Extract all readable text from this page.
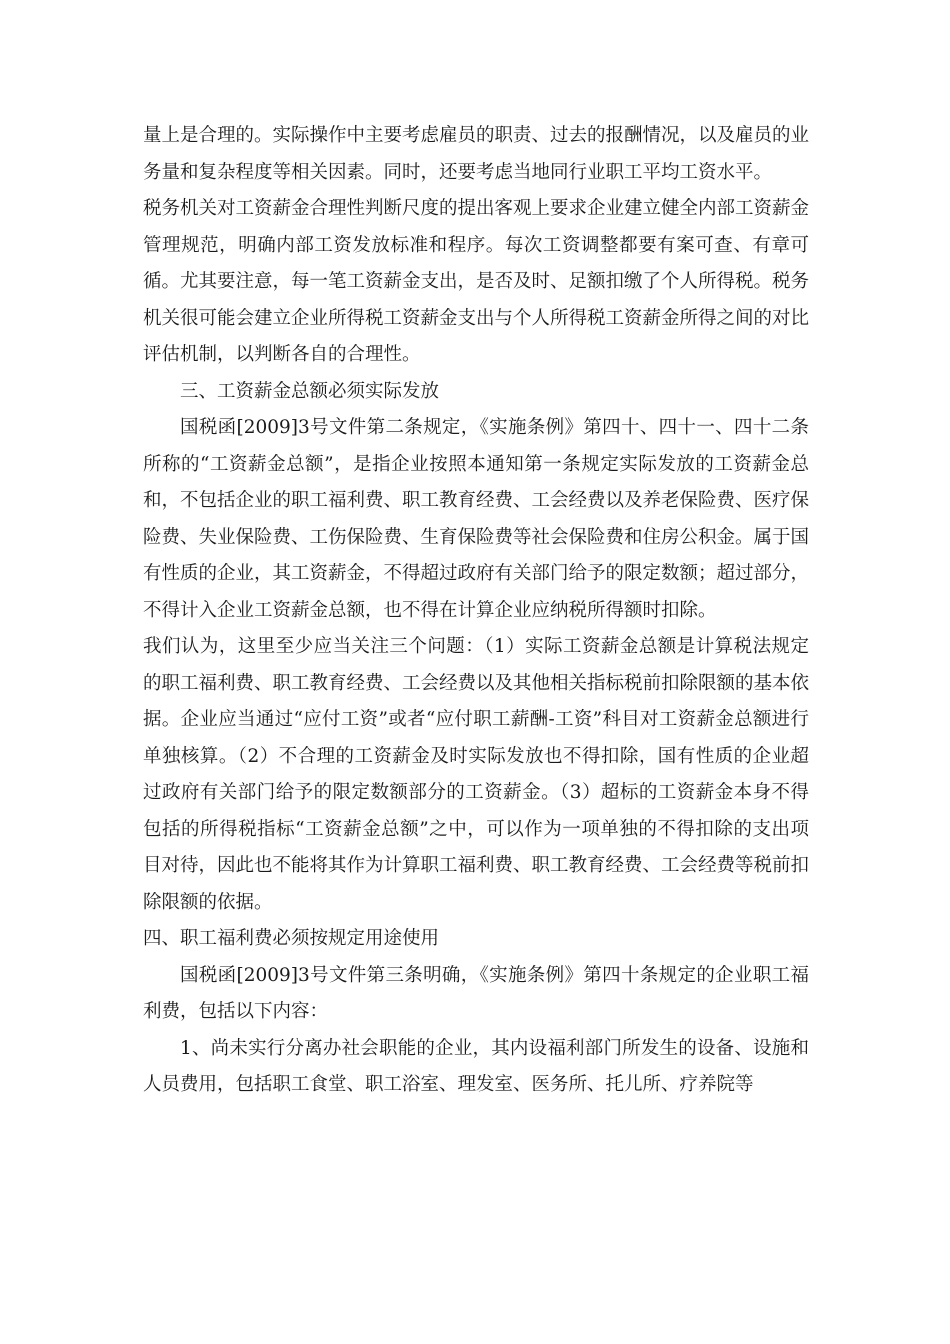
量上是合理的。实际操作中主要考虑雇员的职责、过去的报酬情况，以及雇员的业务量和复杂程度等相关因素。同时，还要考虑当地同行业职工平均工资水平。

税务机关对工资薪金合理性判断尺度的提出客观上要求企业建立健全内部工资薪金管理规范，明确内部工资发放标准和程序。每次工资调整都要有案可查、有章可循。尤其要注意，每一笔工资薪金支出，是否及时、足额扣缴了个人所得税。税务机关很可能会建立企业所得税工资薪金支出与个人所得税工资薪金所得之间的对比评估机制，以判断各自的合理性。

三、工资薪金总额必须实际发放

国税函[2009]3号文件第二条规定，《实施条例》第四十、四十一、四十二条所称的“工资薪金总额”，是指企业按照本通知第一条规定实际发放的工资薪金总和，不包括企业的职工福利费、职工教育经费、工会经费以及养老保险费、医疗保险费、失业保险费、工伤保险费、生育保险费等社会保险费和住房公积金。属于国有性质的企业，其工资薪金，不得超过政府有关部门给予的限定数额；超过部分，不得计入企业工资薪金总额，也不得在计算企业应纳税所得额时扣除。

我们认为，这里至少应当关注三个问题：（1）实际工资薪金总额是计算税法规定的职工福利费、职工教育经费、工会经费以及其他相关指标税前扣除限额的基本依据。企业应当通过“应付工资”或者“应付职工薪酬-工资”科目对工资薪金总额进行单独核算。（2）不合理的工资薪金及时实际发放也不得扣除，国有性质的企业超过政府有关部门给予的限定数额部分的工资薪金。（3）超标的工资薪金本身不得包括的所得税指标“工资薪金总额”之中，可以作为一项单独的不得扣除的支出项目对待，因此也不能将其作为计算职工福利费、职工教育经费、工会经费等税前扣除限额的依据。

四、职工福利费必须按规定用途使用

国税函[2009]3号文件第三条明确，《实施条例》第四十条规定的企业职工福利费，包括以下内容：

1、尚未实行分离办社会职能的企业，其内设福利部门所发生的设备、设施和人员费用，包括职工食堂、职工浴室、理发室、医务所、托儿所、疗养院等
